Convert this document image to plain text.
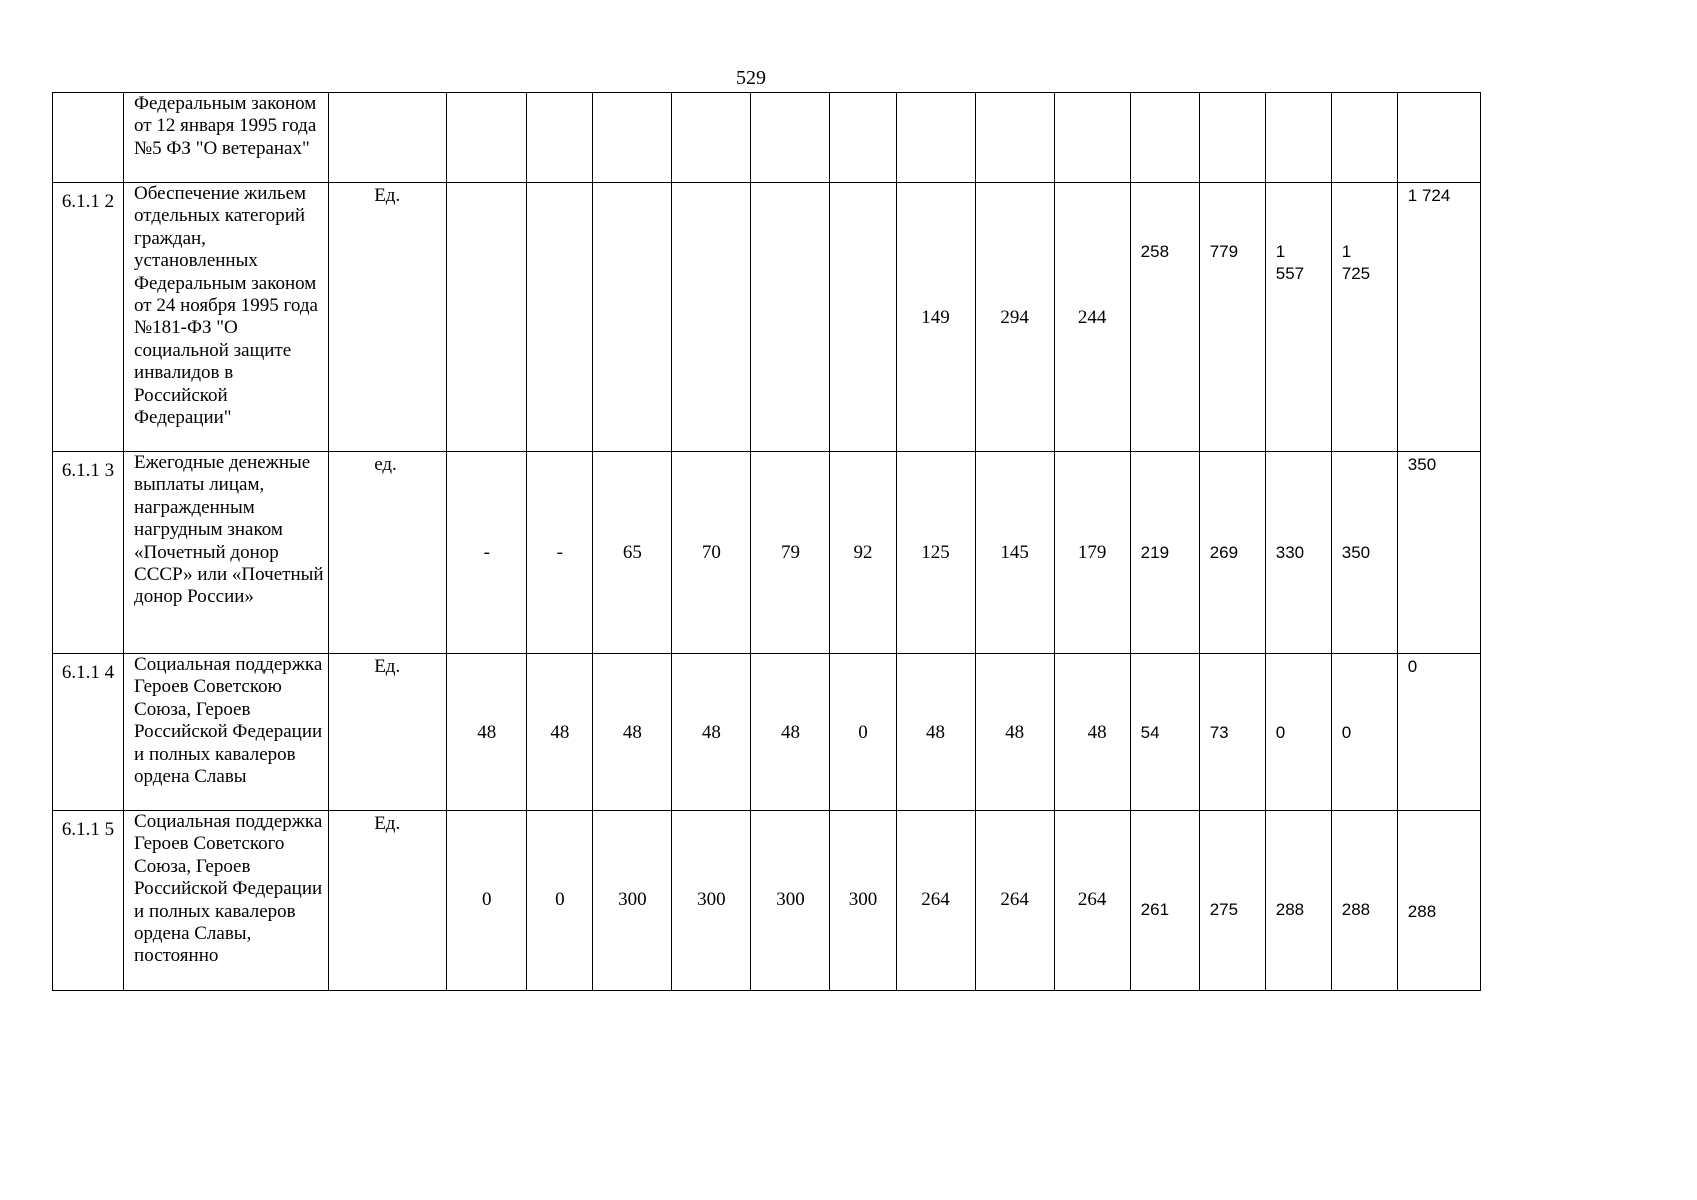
529

	Федеральным законом от 12 января 1995 года №5 ФЗ "О ветеранах"															

6.1.1 2	Обеспечение жильем отдельных категорий граждан, установленных Федеральным законом от 24 ноября 1995 года №181-ФЗ "О социальной защите инвалидов в Российской Федерации"	Ед.							149	294	244	258	779	1 557	1 725	1 724

6.1.1 3	Ежегодные денежные выплаты лицам, награжденным нагрудным знаком «Почетный донор СССР» или «Почетный донор России»	ед.	-	-	65	70	79	92	125	145	179	219	269	330	350	350

6.1.1 4	Социальная поддержка Героев Советскою Союза, Героев Российской Федерации и полных кавалеров ордена Славы	Ед.	48	48	48	48	48	0	48	48	48	54	73	0	0	0

6.1.1 5	Социальная поддержка Героев Советского Союза, Героев Российской Федерации и полных кавалеров ордена Славы, постоянно	Ед.	0	0	300	300	300	300	264	264	264	261	275	288	288	288
